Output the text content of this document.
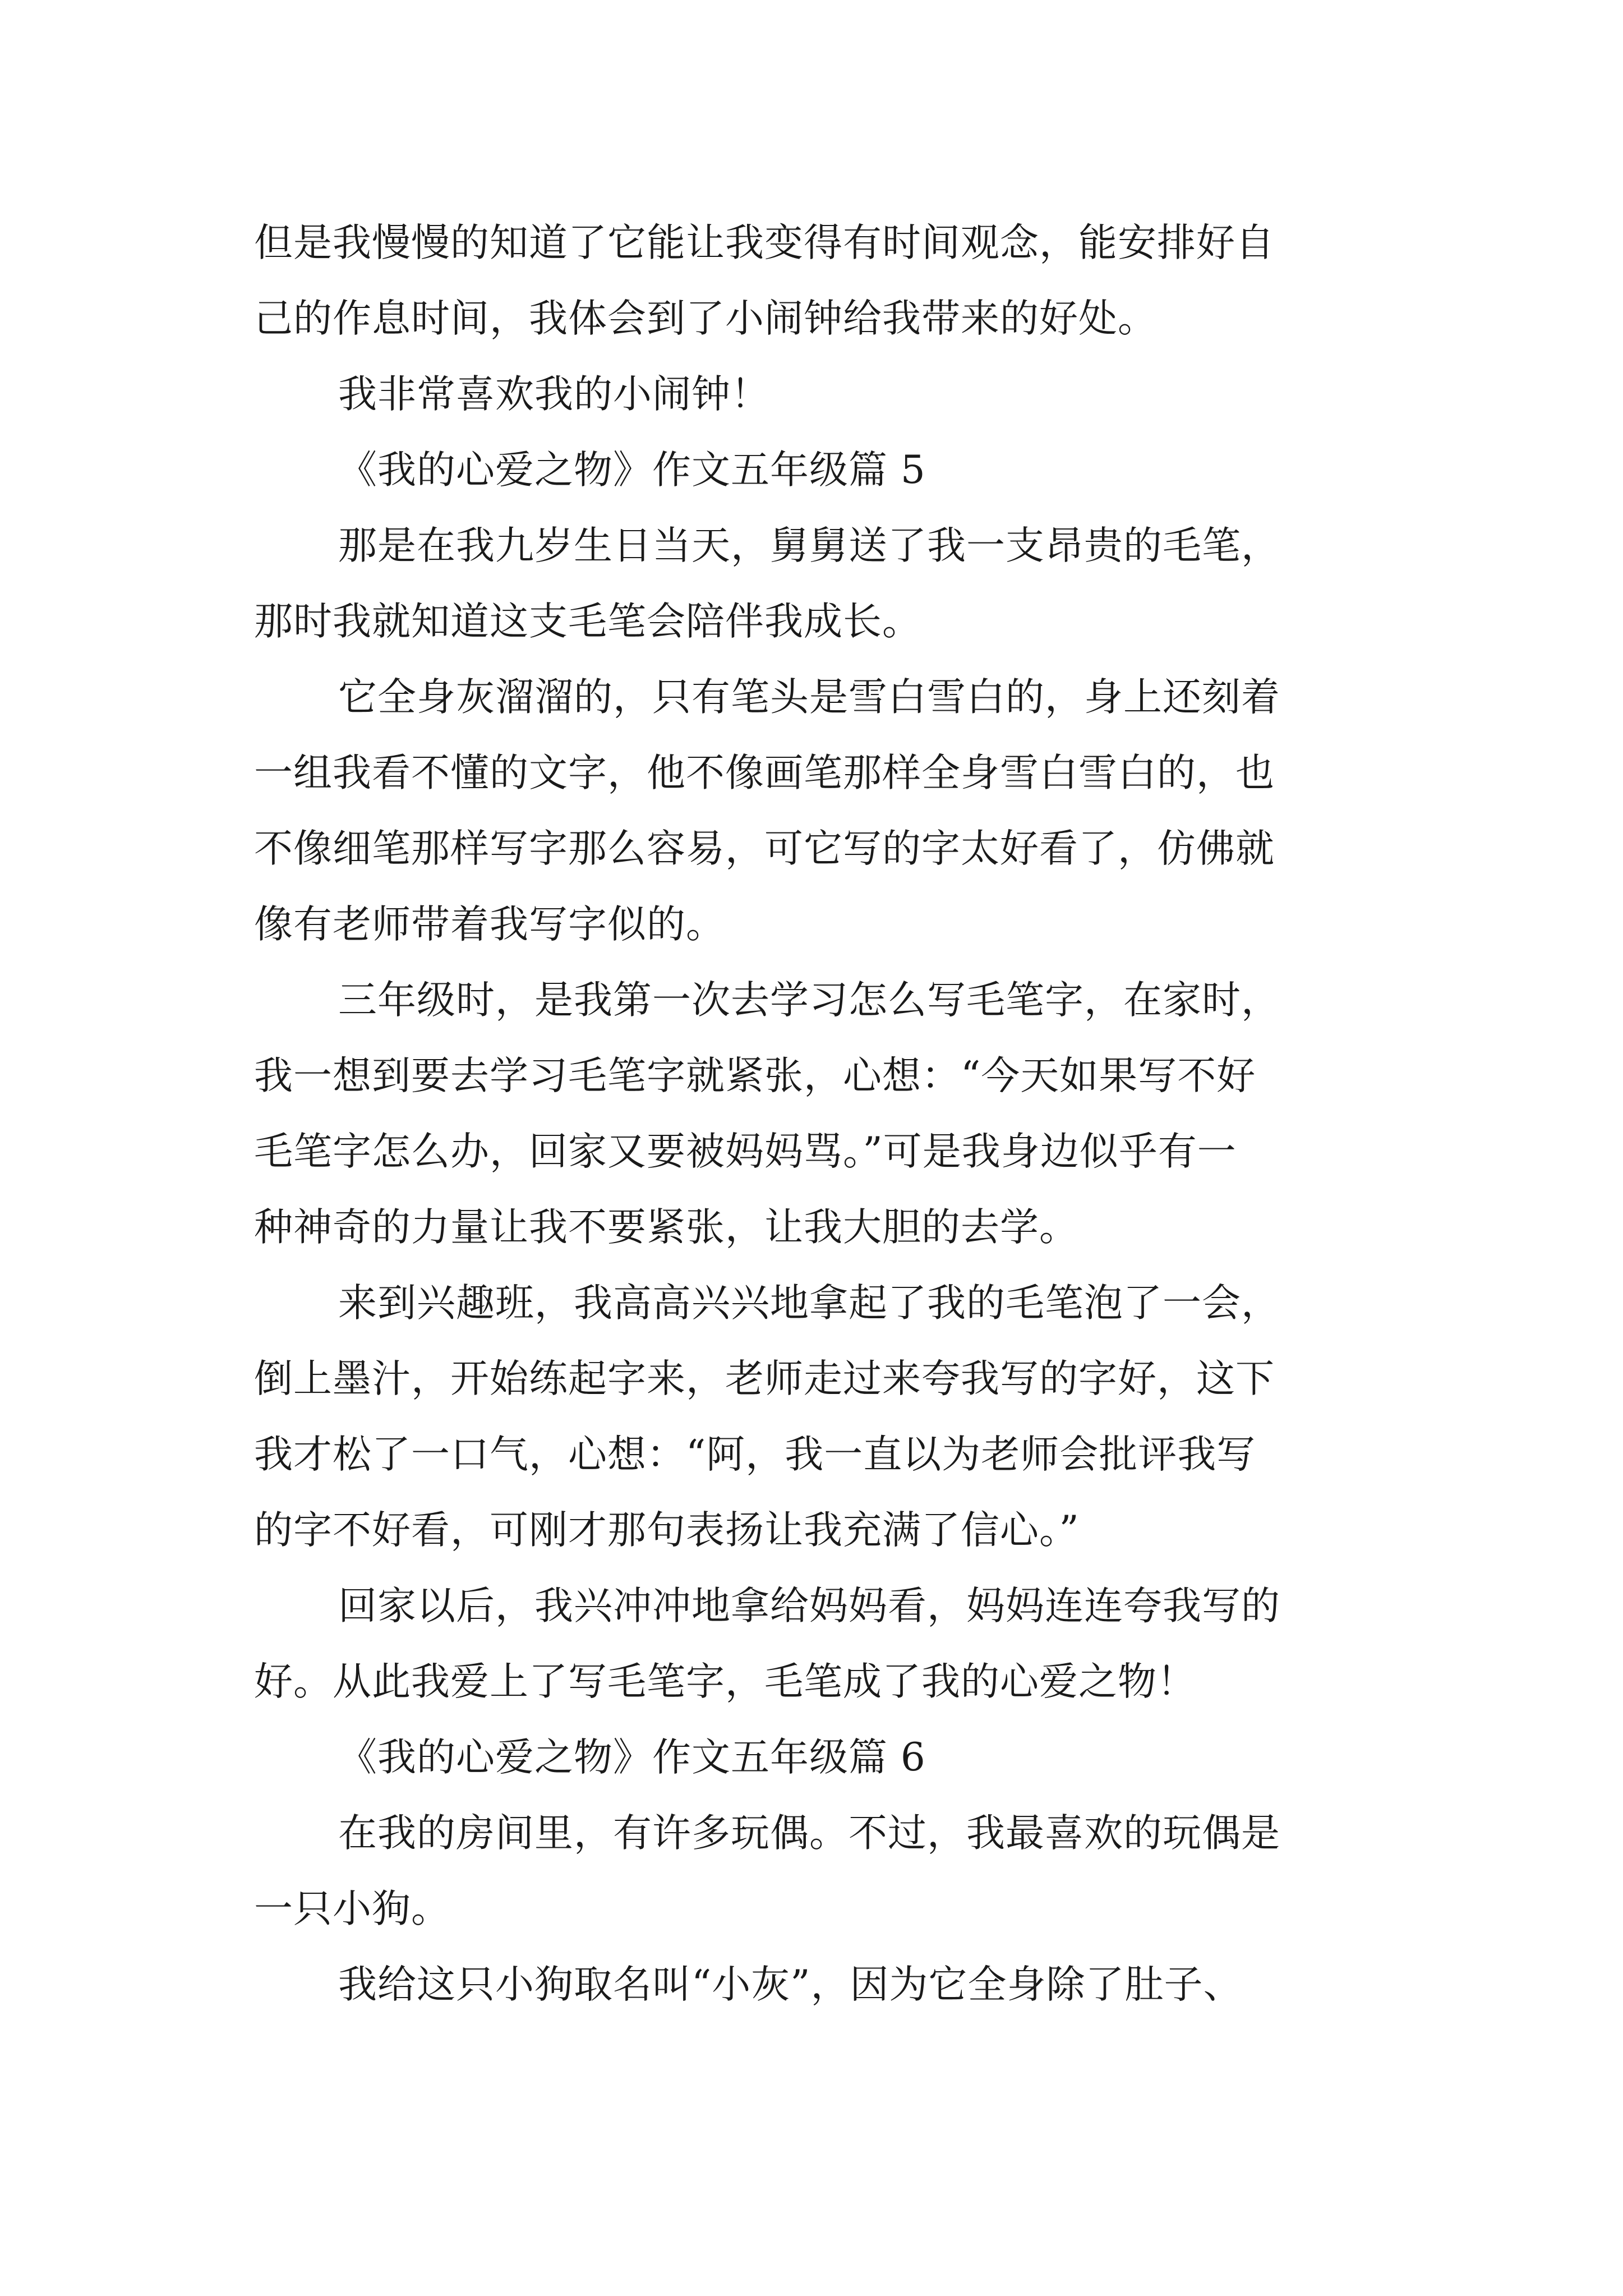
但是我慢慢的知道了它能让我变得有时间观念，能安排好自

己的作息时间，我体会到了小闹钟给我带来的好处。

我非常喜欢我的小闹钟！

《我的心爱之物》作文五年级篇 5

那是在我九岁生日当天，舅舅送了我一支昂贵的毛笔，

那时我就知道这支毛笔会陪伴我成长。

它全身灰溜溜的，只有笔头是雪白雪白的，身上还刻着

一组我看不懂的文字，他不像画笔那样全身雪白雪白的，也

不像细笔那样写字那么容易，可它写的字太好看了，仿佛就

像有老师带着我写字似的。

三年级时，是我第一次去学习怎么写毛笔字，在家时，

我一想到要去学习毛笔字就紧张，心想：“今天如果写不好

毛笔字怎么办，回家又要被妈妈骂。”可是我身边似乎有一

种神奇的力量让我不要紧张，让我大胆的去学。

来到兴趣班，我高高兴兴地拿起了我的毛笔泡了一会，

倒上墨汁，开始练起字来，老师走过来夸我写的字好，这下

我才松了一口气，心想：“阿，我一直以为老师会批评我写

的字不好看，可刚才那句表扬让我充满了信心。”

回家以后，我兴冲冲地拿给妈妈看，妈妈连连夸我写的

好。从此我爱上了写毛笔字，毛笔成了我的心爱之物！

《我的心爱之物》作文五年级篇 6

在我的房间里，有许多玩偶。不过，我最喜欢的玩偶是

一只小狗。

我给这只小狗取名叫“小灰”，因为它全身除了肚子、
